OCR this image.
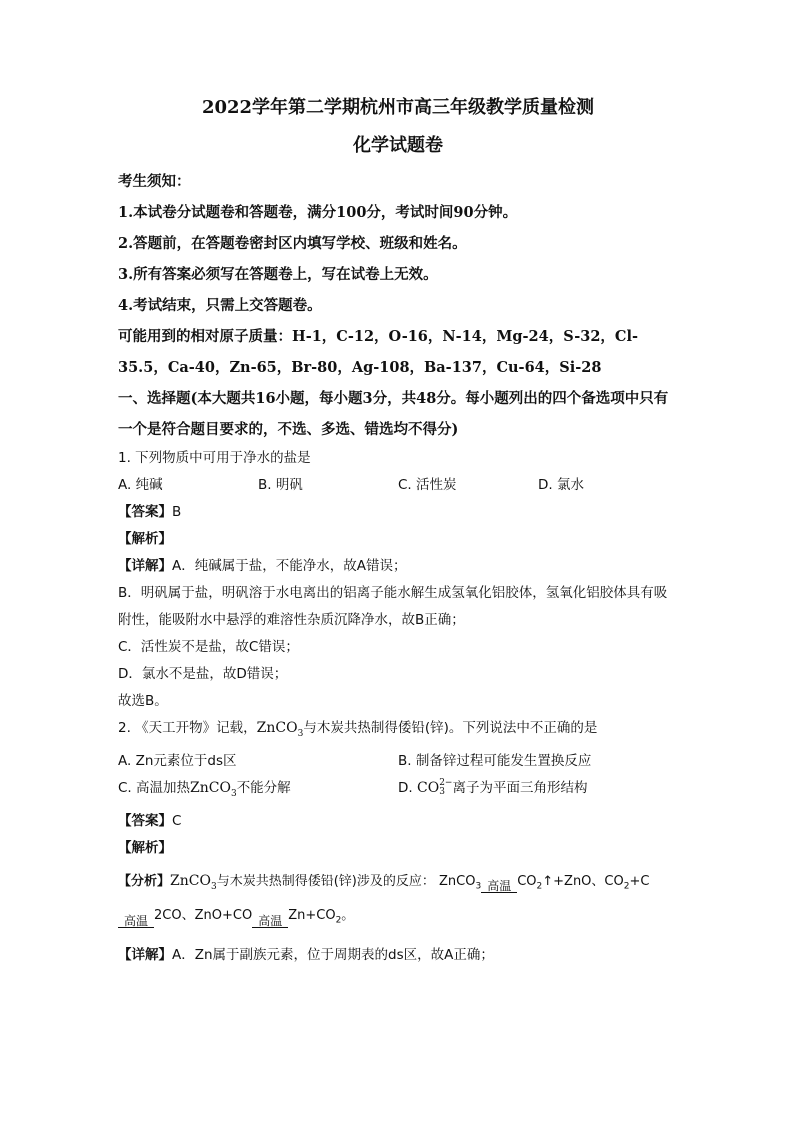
2022学年第二学期杭州市高三年级教学质量检测
化学试题卷
考生须知：
1.本试卷分试题卷和答题卷，满分100分，考试时间90分钟。
2.答题前，在答题卷密封区内填写学校、班级和姓名。
3.所有答案必须写在答题卷上，写在试卷上无效。
4.考试结束，只需上交答题卷。
可能用到的相对原子质量：H-1，C-12，O-16，N-14，Mg-24，S-32，Cl-
35.5，Ca-40，Zn-65，Br-80，Ag-108，Ba-137，Cu-64，Si-28
一、选择题(本大题共16小题，每小题3分，共48分。每小题列出的四个备选项中只有一个是符合题目要求的，不选、多选、错选均不得分)
1. 下列物质中可用于净水的盐是
A. 纯碱	B. 明矾	C. 活性炭	D. 氯水
【答案】B
【解析】
【详解】A．纯碱属于盐，不能净水，故A错误；
B．明矾属于盐，明矾溶于水电离出的铝离子能水解生成氢氧化铝胶体，氢氧化铝胶体具有吸附性，能吸附水中悬浮的难溶性杂质沉降净水，故B正确；
C．活性炭不是盐，故C错误；
D．氯水不是盐，故D错误；
故选B。
2. 《天工开物》记载，ZnCO$_3$与木炭共热制得倭铅(锌)。下列说法中不正确的是
A. Zn元素位于ds区	B. 制备锌过程可能发生置换反应
C. 高温加热ZnCO$_3$不能分解	D. CO 2−
3 离子为平面三角形结构
【答案】C
【解析】
【分析】ZnCO$_3$与木炭共热制得倭铅(锌)涉及的反应： ZnCO$_3$ 高温 $CO_2↑+ZnO$、$CO_2+C$
高温 2CO、ZnO+CO 高温 $Zn+CO_2$。
【详解】A．Zn属于副族元素，位于周期表的ds区，故A正确；
